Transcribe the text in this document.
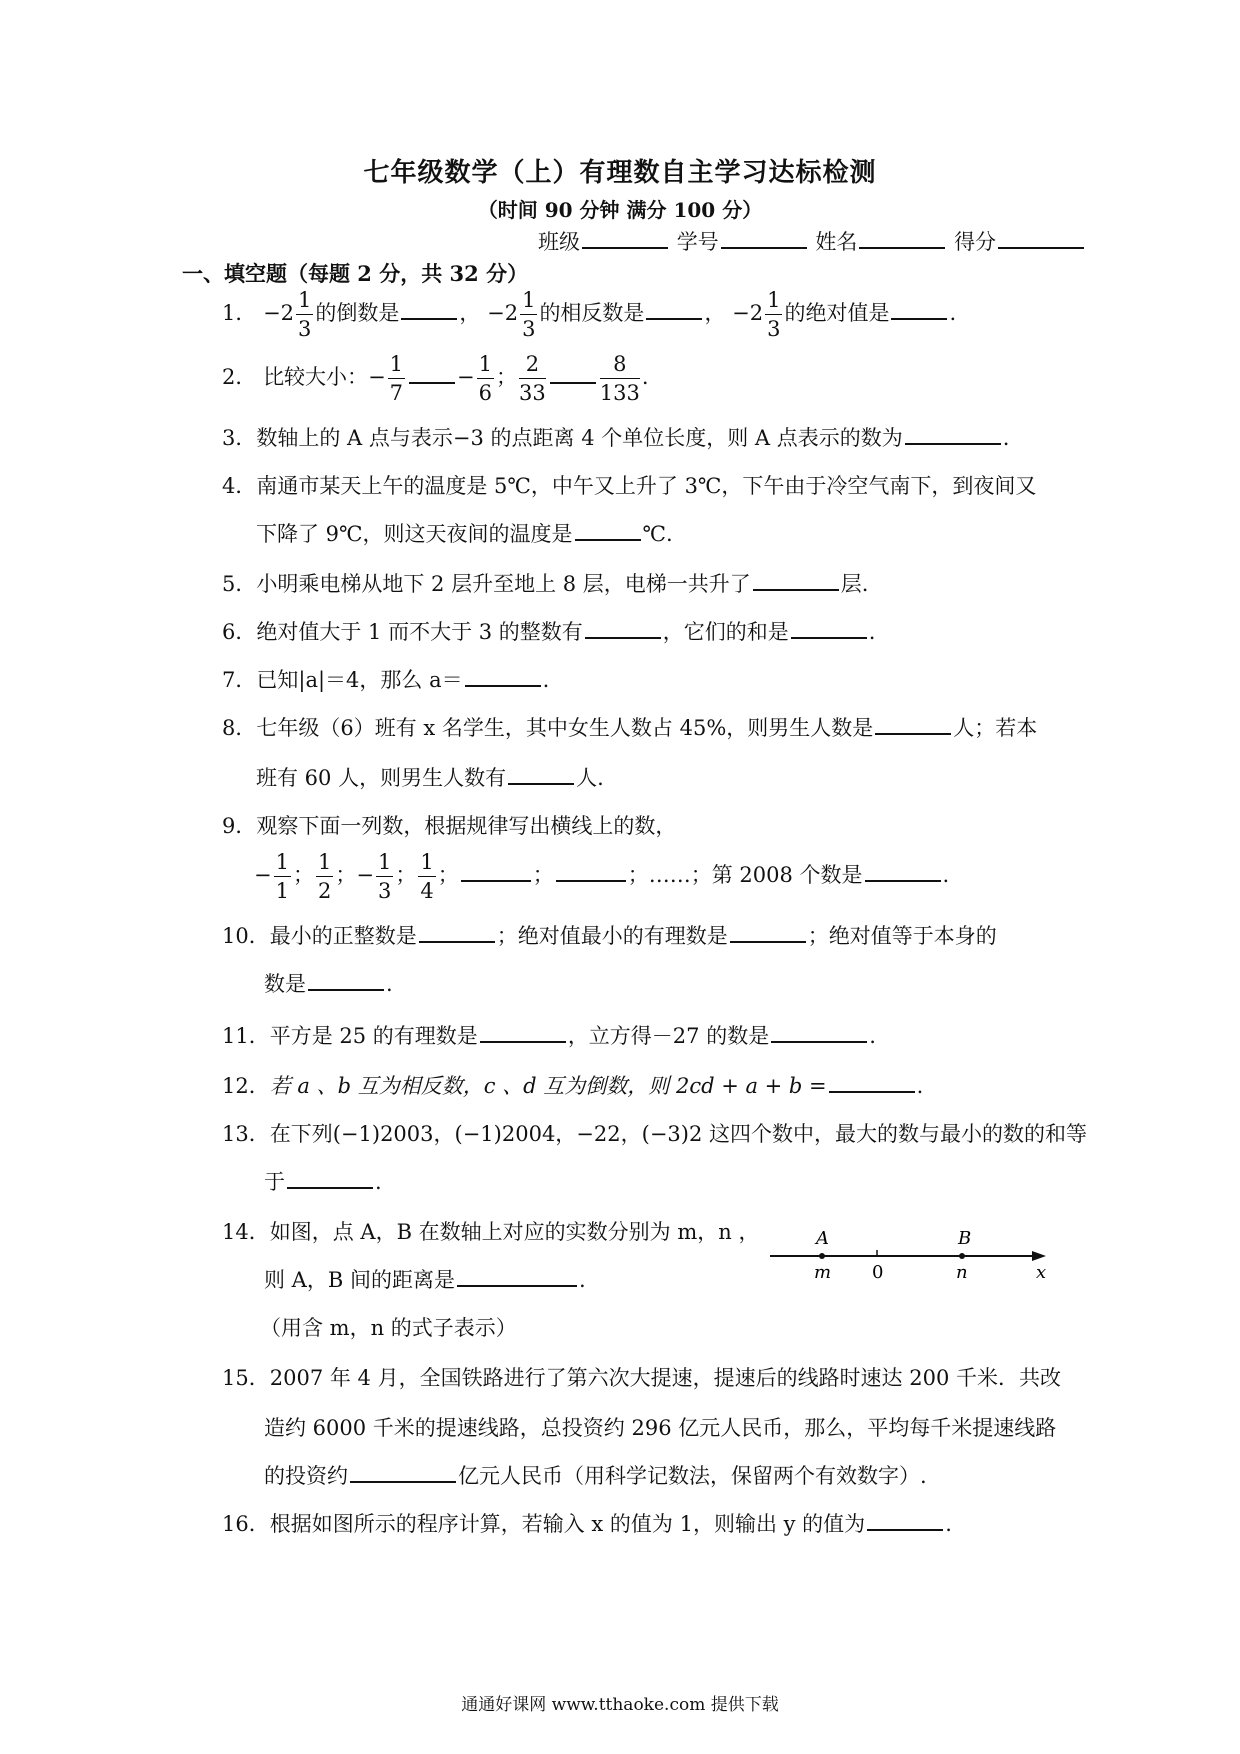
七年级数学（上）有理数自主学习达标检测
（时间 90 分钟 满分 100 分）
班级	学号	姓名	得分
一、填空题（每题 2 分，共 32 分）
1． $-2 \frac{1}{3}$ 的倒数是	， $-2 \frac{1}{3}$ 的相反数是	， $-2 \frac{1}{3}$ 的绝对值是	.
2． 比较大小：− $\frac{1}{7} - \frac{1}{6}$ ； $\frac{2}{33}$	$\frac{8}{133}$ .
3．数轴上的 A 点与表示−3 的点距离 4 个单位长度，则 A 点表示的数为	.
4．南通市某天上午的温度是 5℃，中午又上升了 3℃，下午由于冷空气南下，到夜间又
下降了 9℃，则这天夜间的温度是	℃.
5．小明乘电梯从地下 2 层升至地上 8 层，电梯一共升了	层.
6．绝对值大于 1 而不大于 3 的整数有	，它们的和是	.
7．已知|a|＝4，那么 a＝	.
8．七年级（6）班有 x 名学生，其中女生人数占 45%，则男生人数是	人；若本
班有 60 人，则男生人数有	人.
9．观察下面一列数，根据规律写出横线上的数，
− $\frac{1}{1}$ ； $\frac{1}{2}$ ；− $\frac{1}{3}$ ； $\frac{1}{4}$ ；	；	；……；第 2008 个数是	.
10．最小的正整数是	；绝对值最小的有理数是	；绝对值等于本身的
数是	.
11．平方是 25 的有理数是	，立方得－27 的数是	.
12．若 a 、b 互为相反数，c 、d 互为倒数，则 2cd + a + b =	.
13．在下列(−1)2003，(−1)2004，−22，(−3)2 这四个数中，最大的数与最小的数的和等
于	.
14．如图，点 A，B 在数轴上对应的实数分别为 m，n ，
则 A，B 间的距离是	.
（用含 m，n 的式子表示）
A	B
m 0	n	x
15．2007 年 4 月，全国铁路进行了第六次大提速，提速后的线路时速达 200 千米．共改
造约 6000 千米的提速线路，总投资约 296 亿元人民币，那么，平均每千米提速线路
的投资约	亿元人民币（用科学记数法，保留两个有效数字）.
16．根据如图所示的程序计算，若输入 x 的值为 1，则输出 y 的值为	.
通通好课网 www.tthaoke.com 提供下载
